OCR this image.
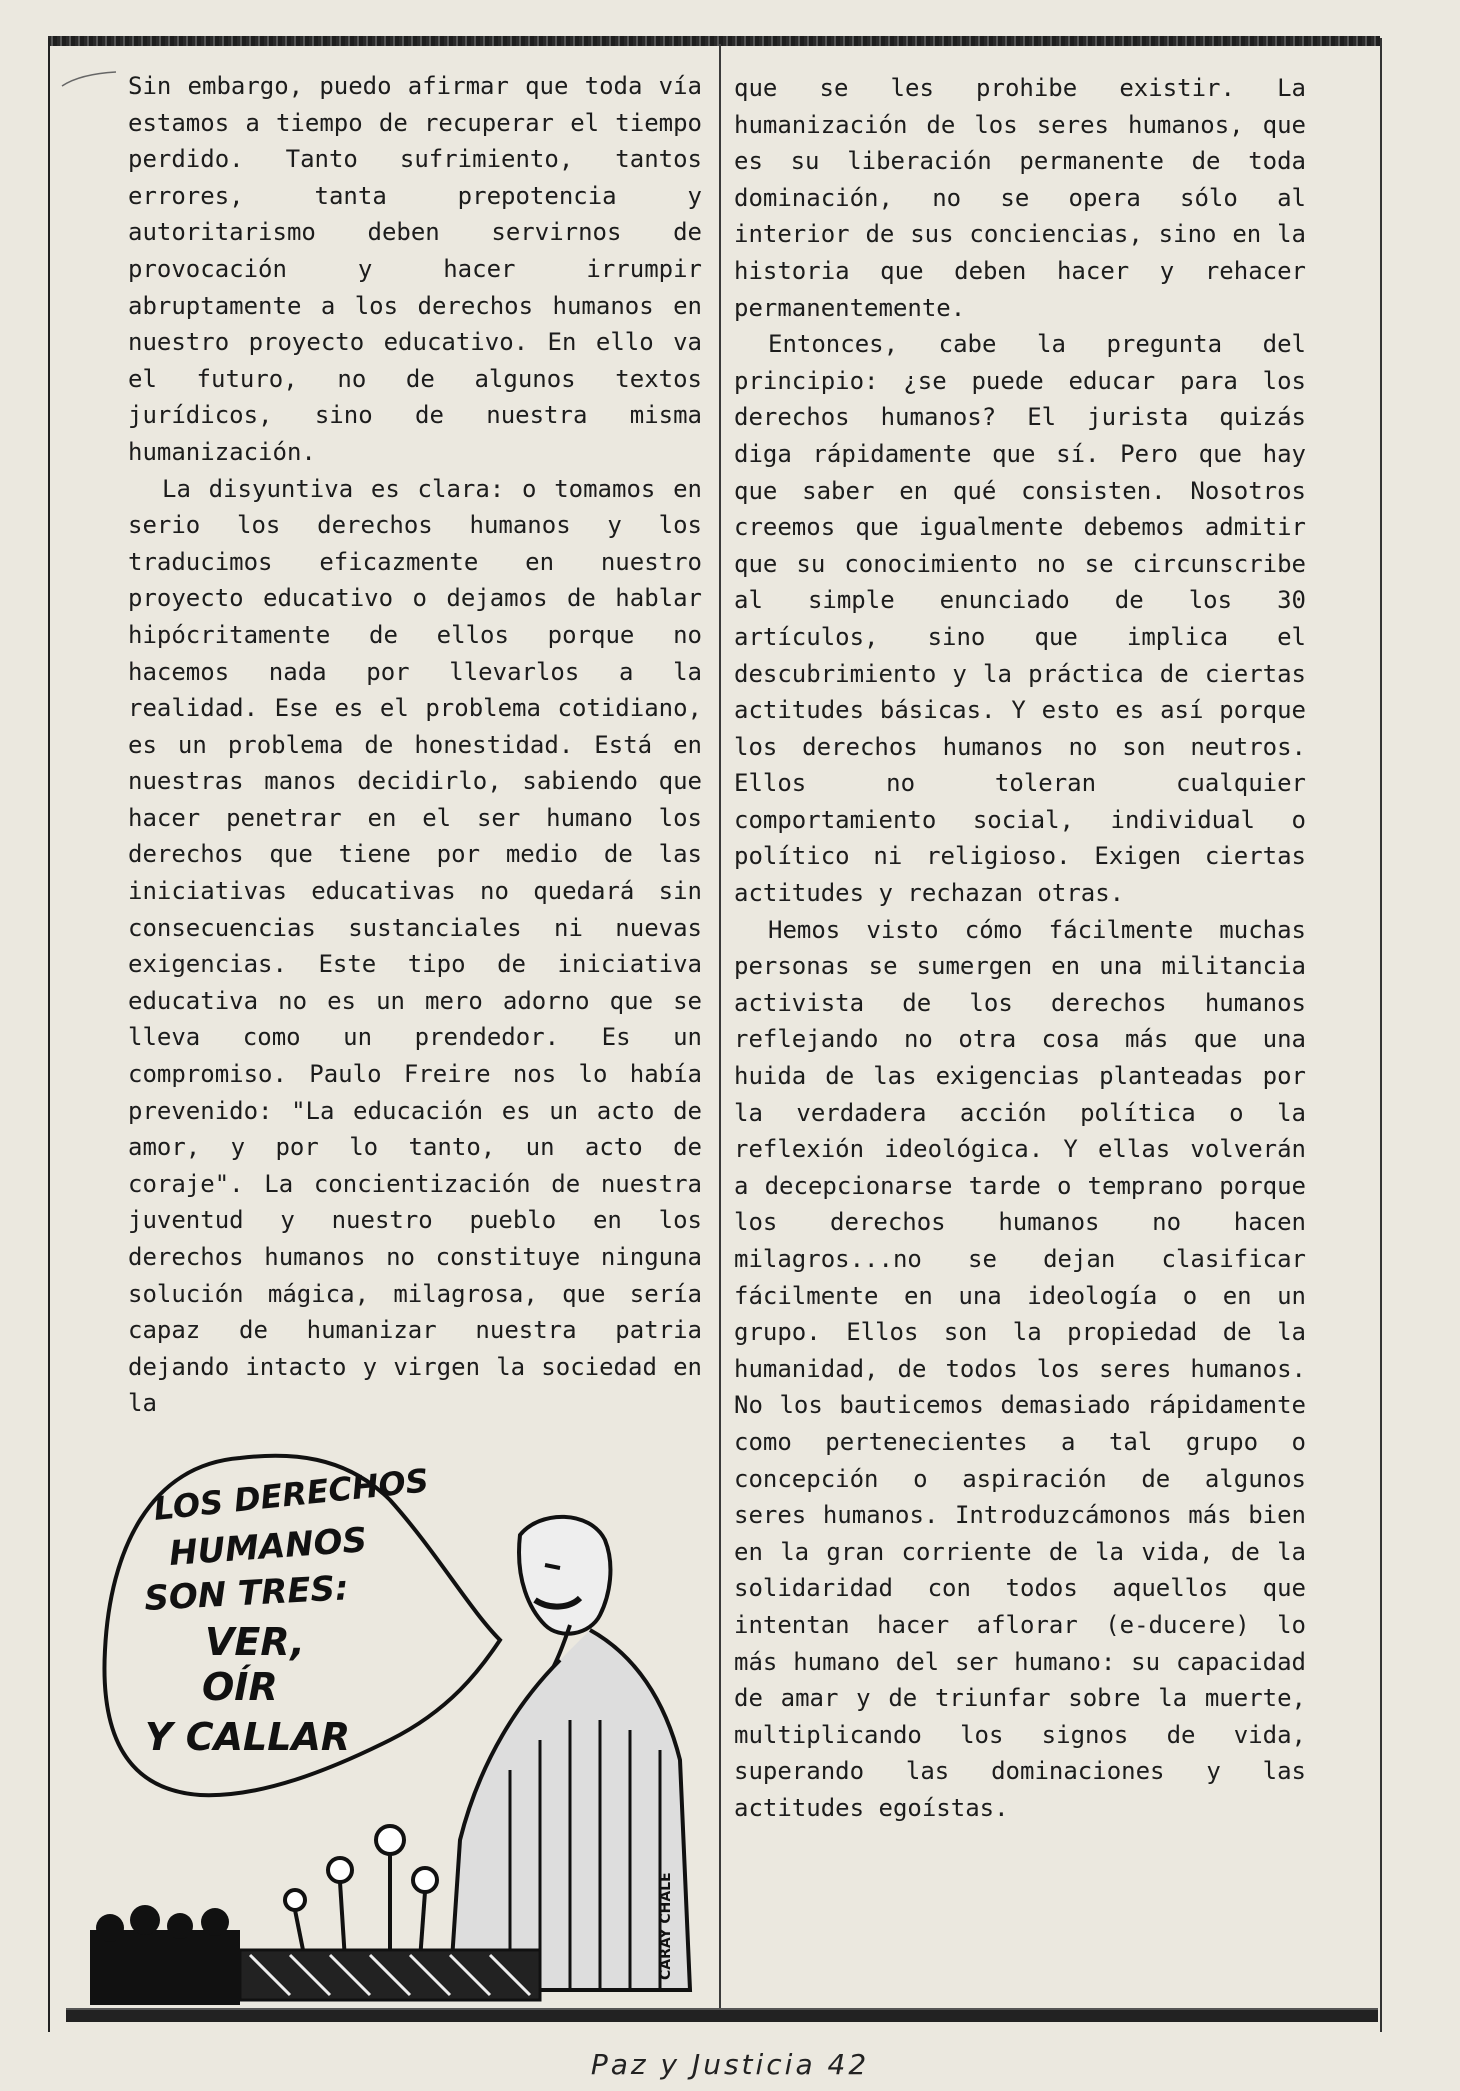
Sin embargo, puedo afirmar que toda vía estamos a tiempo de recuperar el tiempo perdido. Tanto sufrimiento, tantos errores, tanta prepotencia y autoritarismo deben servirnos de provocación y hacer irrumpir abruptamente a los derechos humanos en nuestro proyecto educativo. En ello va el futuro, no de algunos textos jurídicos, sino de nuestra misma humanización.

La disyuntiva es clara: o tomamos en serio los derechos humanos y los traducimos eficazmente en nuestro proyecto educativo o dejamos de hablar hipócritamente de ellos porque no hacemos nada por llevarlos a la realidad. Ese es el problema cotidiano, es un problema de honestidad. Está en nuestras manos decidirlo, sabiendo que hacer penetrar en el ser humano los derechos que tiene por medio de las iniciativas educativas no quedará sin consecuencias sustanciales ni nuevas exigencias. Este tipo de iniciativa educativa no es un mero adorno que se lleva como un prendedor. Es un compromiso. Paulo Freire nos lo había prevenido: "La educación es un acto de amor, y por lo tanto, un acto de coraje". La concientización de nuestra juventud y nuestro pueblo en los derechos humanos no constituye ninguna solución mágica, milagrosa, que sería capaz de humanizar nuestra patria dejando intacto y virgen la sociedad en la

que se les prohibe existir. La humanización de los seres humanos, que es su liberación permanente de toda dominación, no se opera sólo al interior de sus conciencias, sino en la historia que deben hacer y rehacer permanentemente.

Entonces, cabe la pregunta del principio: ¿se puede educar para los derechos humanos? El jurista quizás diga rápidamente que sí. Pero que hay que saber en qué consisten. Nosotros creemos que igualmente debemos admitir que su conocimiento no se circunscribe al simple enunciado de los 30 artículos, sino que implica el descubrimiento y la práctica de ciertas actitudes básicas. Y esto es así porque los derechos humanos no son neutros. Ellos no toleran cualquier comportamiento social, individual o político ni religioso. Exigen ciertas actitudes y rechazan otras.

Hemos visto cómo fácilmente muchas personas se sumergen en una militancia activista de los derechos humanos reflejando no otra cosa más que una huida de las exigencias planteadas por la verdadera acción política o la reflexión ideológica. Y ellas volverán a decepcionarse tarde o temprano porque los derechos humanos no hacen milagros...no se dejan clasificar fácilmente en una ideología o en un grupo. Ellos son la propiedad de la humanidad, de todos los seres humanos. No los bauticemos demasiado rápidamente como pertenecientes a tal grupo o concepción o aspiración de algunos seres humanos. Introduzcámonos más bien en la gran corriente de la vida, de la solidaridad con todos aquellos que intentan hacer aflorar (e-ducere) lo más humano del ser humano: su capacidad de amar y de triunfar sobre la muerte, multiplicando los signos de vida, superando las dominaciones y las actitudes egoístas.

LOS DERECHOS
HUMANOS
SON TRES:
VER,
OÍR
Y CALLAR
CARAY CHALE
Paz y Justicia 42
